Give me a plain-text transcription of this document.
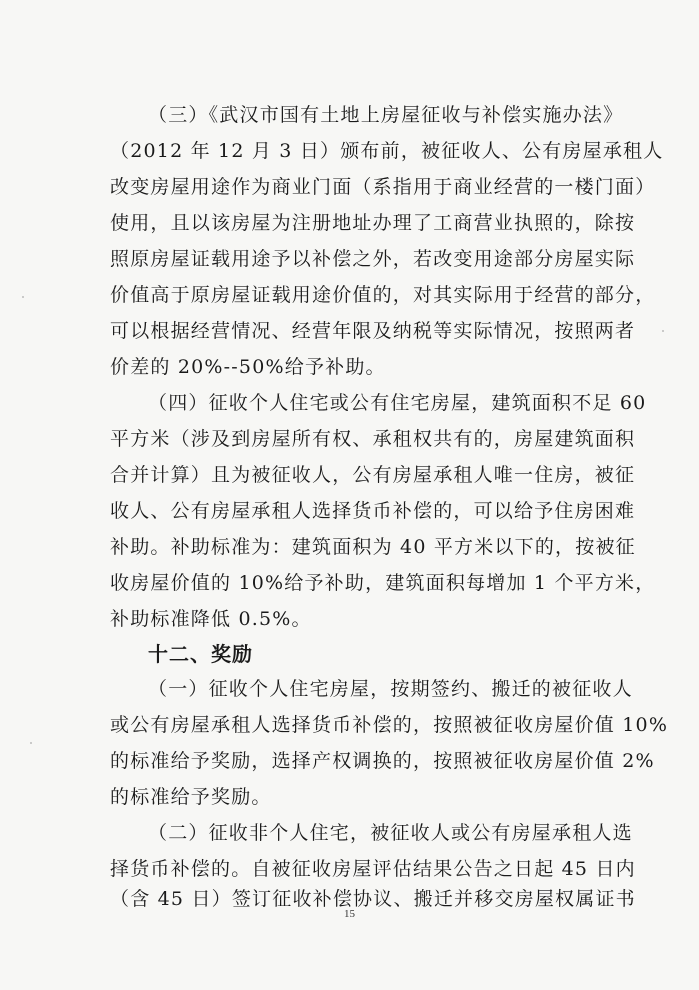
（三）《武汉市国有土地上房屋征收与补偿实施办法》
（2012 年 12 月 3 日）颁布前，被征收人、公有房屋承租人
改变房屋用途作为商业门面（系指用于商业经营的一楼门面）
使用，且以该房屋为注册地址办理了工商营业执照的，除按
照原房屋证载用途予以补偿之外，若改变用途部分房屋实际
价值高于原房屋证载用途价值的，对其实际用于经营的部分，
可以根据经营情况、经营年限及纳税等实际情况，按照两者
价差的 20%--50%给予补助。
（四）征收个人住宅或公有住宅房屋，建筑面积不足 60
平方米（涉及到房屋所有权、承租权共有的，房屋建筑面积
合并计算）且为被征收人，公有房屋承租人唯一住房，被征
收人、公有房屋承租人选择货币补偿的，可以给予住房困难
补助。补助标准为：建筑面积为 40 平方米以下的，按被征
收房屋价值的 10%给予补助，建筑面积每增加 1 个平方米，
补助标准降低 0.5%。
十二、奖励
（一）征收个人住宅房屋，按期签约、搬迁的被征收人
或公有房屋承租人选择货币补偿的，按照被征收房屋价值 10%
的标准给予奖励，选择产权调换的，按照被征收房屋价值 2%
的标准给予奖励。
（二）征收非个人住宅，被征收人或公有房屋承租人选
择货币补偿的。自被征收房屋评估结果公告之日起 45 日内
（含 45 日）签订征收补偿协议、搬迁并移交房屋权属证书
15
